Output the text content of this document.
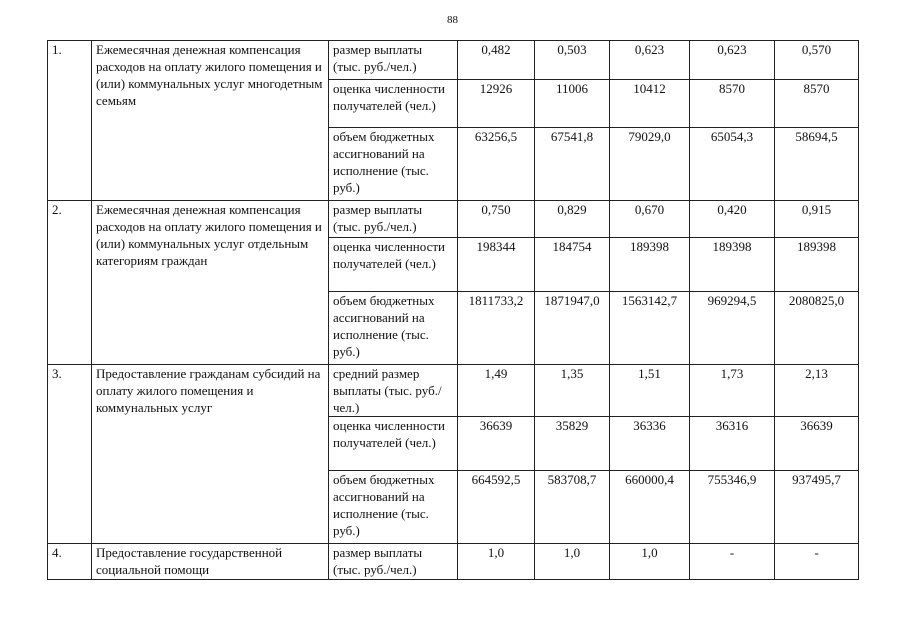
88
1.	Ежемесячная денежная компенсация расходов на оплату жилого помещения и (или) коммунальных услуг многодетным семьям	размер выплаты (тыс. руб./чел.)	0,482	0,503	0,623	0,623	0,570
		оценка численности получателей (чел.)	12926	11006	10412	8570	8570
		объем бюджетных ассигнований на исполнение (тыс. руб.)	63256,5	67541,8	79029,0	65054,3	58694,5
2.	Ежемесячная денежная компенсация расходов на оплату жилого помещения и (или) коммунальных услуг отдельным категориям граждан	размер выплаты (тыс. руб./чел.)	0,750	0,829	0,670	0,420	0,915
		оценка численности получателей (чел.)	198344	184754	189398	189398	189398
		объем бюджетных ассигнований на исполнение (тыс. руб.)	1811733,2	1871947,0	1563142,7	969294,5	2080825,0
3.	Предоставление гражданам субсидий на оплату жилого помещения и коммунальных услуг	средний размер выплаты (тыс. руб./чел.)	1,49	1,35	1,51	1,73	2,13
		оценка численности получателей (чел.)	36639	35829	36336	36316	36639
		объем бюджетных ассигнований на исполнение (тыс. руб.)	664592,5	583708,7	660000,4	755346,9	937495,7
4.	Предоставление государственной социальной помощи	размер выплаты (тыс. руб./чел.)	1,0	1,0	1,0	-	-
